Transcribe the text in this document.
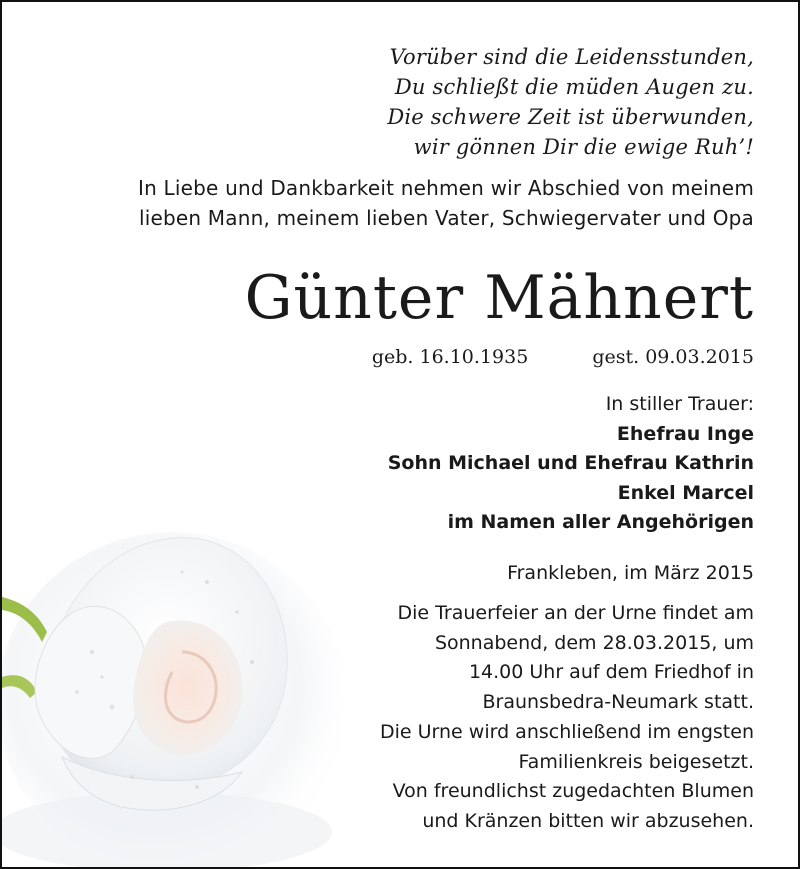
Vorüber sind die Leidensstunden,
Du schließt die müden Augen zu.
Die schwere Zeit ist überwunden,
wir gönnen Dir die ewige Ruh’!
In Liebe und Dankbarkeit nehmen wir Abschied von meinem
lieben Mann, meinem lieben Vater, Schwiegervater und Opa
Günter Mähnert
geb. 16.10.1935	gest. 09.03.2015
In stiller Trauer:
Ehefrau Inge
Sohn Michael und Ehefrau Kathrin
Enkel Marcel
im Namen aller Angehörigen
Frankleben, im März 2015
Die Trauerfeier an der Urne findet am
Sonnabend, dem 28.03.2015, um
14.00 Uhr auf dem Friedhof in
Braunsbedra-Neumark statt.
Die Urne wird anschließend im engsten
Familienkreis beigesetzt.
Von freundlichst zugedachten Blumen
und Kränzen bitten wir abzusehen.
